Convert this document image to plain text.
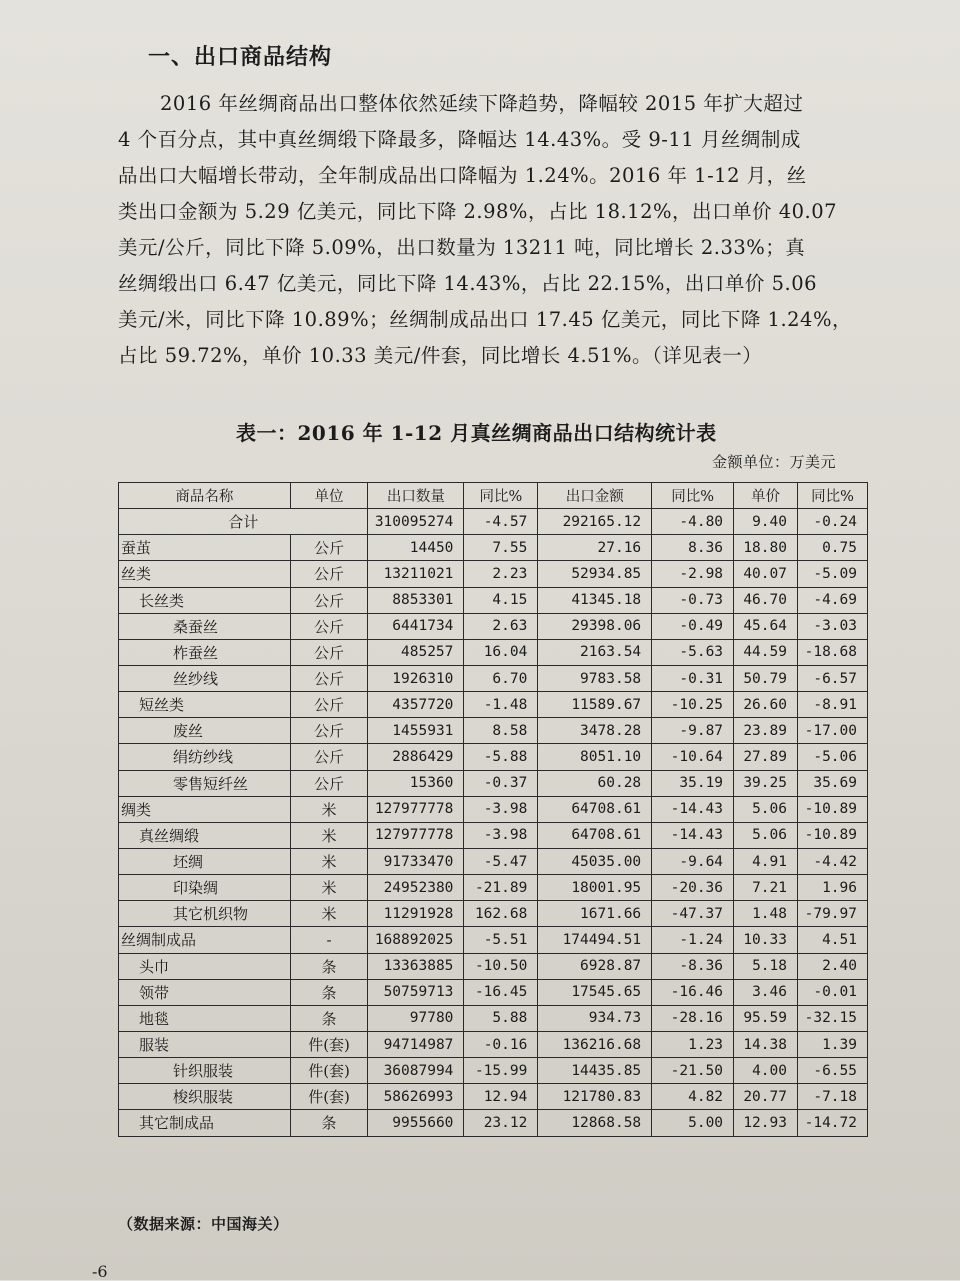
一、出口商品结构
2016 年丝绸商品出口整体依然延续下降趋势，降幅较 2015 年扩大超过
4 个百分点，其中真丝绸缎下降最多，降幅达 14.43%。受 9-11 月丝绸制成
品出口大幅增长带动，全年制成品出口降幅为 1.24%。2016 年 1-12 月，丝
类出口金额为 5.29 亿美元，同比下降 2.98%，占比 18.12%，出口单价 40.07
美元/公斤，同比下降 5.09%，出口数量为 13211 吨，同比增长 2.33%；真
丝绸缎出口 6.47 亿美元，同比下降 14.43%，占比 22.15%，出口单价 5.06
美元/米，同比下降 10.89%；丝绸制成品出口 17.45 亿美元，同比下降 1.24%，
占比 59.72%，单价 10.33 美元/件套，同比增长 4.51%。（详见表一）
表一：2016 年 1-12 月真丝绸商品出口结构统计表
金额单位：万美元
商品名称	单位	出口数量	同比%	出口金额	同比%	单价	同比%
合计		310095274	-4.57	292165.12	-4.80	9.40	-0.24
蚕茧	公斤	14450	7.55	27.16	8.36	18.80	0.75
丝类	公斤	13211021	2.23	52934.85	-2.98	40.07	-5.09
长丝类	公斤	8853301	4.15	41345.18	-0.73	46.70	-4.69
桑蚕丝	公斤	6441734	2.63	29398.06	-0.49	45.64	-3.03
柞蚕丝	公斤	485257	16.04	2163.54	-5.63	44.59	-18.68
丝纱线	公斤	1926310	6.70	9783.58	-0.31	50.79	-6.57
短丝类	公斤	4357720	-1.48	11589.67	-10.25	26.60	-8.91
废丝	公斤	1455931	8.58	3478.28	-9.87	23.89	-17.00
绢纺纱线	公斤	2886429	-5.88	8051.10	-10.64	27.89	-5.06
零售短纤丝	公斤	15360	-0.37	60.28	35.19	39.25	35.69
绸类	米	127977778	-3.98	64708.61	-14.43	5.06	-10.89
真丝绸缎	米	127977778	-3.98	64708.61	-14.43	5.06	-10.89
坯绸	米	91733470	-5.47	45035.00	-9.64	4.91	-4.42
印染绸	米	24952380	-21.89	18001.95	-20.36	7.21	1.96
其它机织物	米	11291928	162.68	1671.66	-47.37	1.48	-79.97
丝绸制成品	-	168892025	-5.51	174494.51	-1.24	10.33	4.51
头巾	条	13363885	-10.50	6928.87	-8.36	5.18	2.40
领带	条	50759713	-16.45	17545.65	-16.46	3.46	-0.01
地毯	条	97780	5.88	934.73	-28.16	95.59	-32.15
服装	件(套)	94714987	-0.16	136216.68	1.23	14.38	1.39
针织服装	件(套)	36087994	-15.99	14435.85	-21.50	4.00	-6.55
梭织服装	件(套)	58626993	12.94	121780.83	4.82	20.77	-7.18
其它制成品	条	9955660	23.12	12868.58	5.00	12.93	-14.72
（数据来源：中国海关）
-6
